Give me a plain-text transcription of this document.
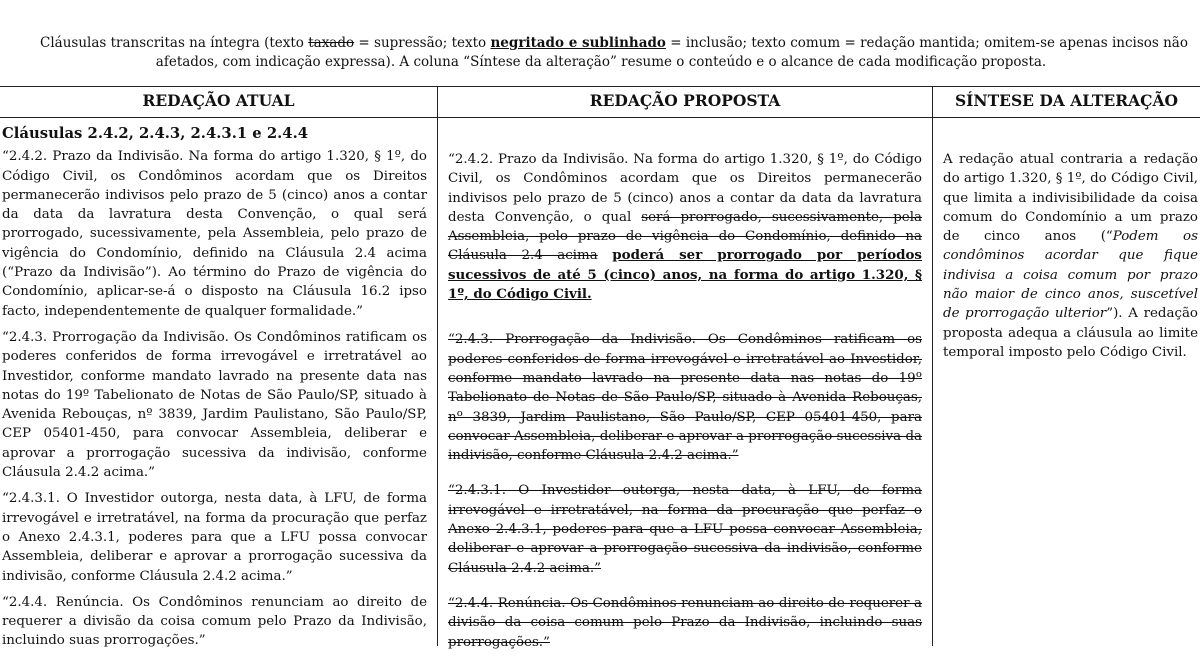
Cláusulas transcritas na íntegra (texto taxado = supressão; texto negritado e sublinhado = inclusão; texto comum = redação mantida; omitem-se apenas incisos não
afetados, com indicação expressa). A coluna “Síntese da alteração” resume o conteúdo e o alcance de cada modificação proposta.
REDAÇÃO ATUAL	REDAÇÃO PROPOSTA	SÍNTESE DA ALTERAÇÃO
Cláusulas 2.4.2, 2.4.3, 2.4.3.1 e 2.4.4

“2.4.2. Prazo da Indivisão. Na forma do artigo 1.320, § 1º, do Código Civil, os Condôminos acordam que os Direitos permanecerão indivisos pelo prazo de 5 (cinco) anos a contar da data da lavratura desta Convenção, o qual será prorrogado, sucessivamente, pela Assembleia, pelo prazo de vigência do Condomínio, definido na Cláusula 2.4 acima (“Prazo da Indivisão”). Ao término do Prazo de vigência do Condomínio, aplicar-se-á o disposto na Cláusula 16.2 ipso facto, independentemente de qualquer formalidade.”

“2.4.3. Prorrogação da Indivisão. Os Condôminos ratificam os poderes conferidos de forma irrevogável e irretratável ao Investidor, conforme mandato lavrado na presente data nas notas do 19º Tabelionato de Notas de São Paulo/SP, situado à Avenida Rebouças, nº 3839, Jardim Paulistano, São Paulo/SP, CEP 05401-450, para convocar Assembleia, deliberar e aprovar a prorrogação sucessiva da indivisão, conforme Cláusula 2.4.2 acima.”

“2.4.3.1. O Investidor outorga, nesta data, à LFU, de forma irrevogável e irretratável, na forma da procuração que perfaz o Anexo 2.4.3.1, poderes para que a LFU possa convocar Assembleia, deliberar e aprovar a prorrogação sucessiva da indivisão, conforme Cláusula 2.4.2 acima.”

“2.4.4. Renúncia. Os Condôminos renunciam ao direito de requerer a divisão da coisa comum pelo Prazo da Indivisão, incluindo suas prorrogações.”

“2.4.2. Prazo da Indivisão. Na forma do artigo 1.320, § 1º, do Código Civil, os Condôminos acordam que os Direitos permanecerão indivisos pelo prazo de 5 (cinco) anos a contar da data da lavratura desta Convenção, o qual será prorrogado, sucessivamente, pela Assembleia, pelo prazo de vigência do Condomínio, definido na Cláusula 2.4 acima poderá ser prorrogado por períodos sucessivos de até 5 (cinco) anos, na forma do artigo 1.320, § 1º, do Código Civil.

“2.4.3. Prorrogação da Indivisão. Os Condôminos ratificam os poderes conferidos de forma irrevogável e irretratável ao Investidor, conforme mandato lavrado na presente data nas notas do 19º Tabelionato de Notas de São Paulo/SP, situado à Avenida Rebouças, nº 3839, Jardim Paulistano, São Paulo/SP, CEP 05401-450, para convocar Assembleia, deliberar e aprovar a prorrogação sucessiva da indivisão, conforme Cláusula 2.4.2 acima.”

“2.4.3.1. O Investidor outorga, nesta data, à LFU, de forma irrevogável e irretratável, na forma da procuração que perfaz o Anexo 2.4.3.1, poderes para que a LFU possa convocar Assembleia, deliberar e aprovar a prorrogação sucessiva da indivisão, conforme Cláusula 2.4.2 acima.”

“2.4.4. Renúncia. Os Condôminos renunciam ao direito de requerer a divisão da coisa comum pelo Prazo da Indivisão, incluindo suas prorrogações.”

A redação atual contraria a redação do artigo 1.320, § 1º, do Código Civil, que limita a indivisibilidade da coisa comum do Condomínio a um prazo de cinco anos (“Podem os condôminos acordar que fique indivisa a coisa comum por prazo não maior de cinco anos, suscetível de prorrogação ulterior”). A redação proposta adequa a cláusula ao limite temporal imposto pelo Código Civil.
